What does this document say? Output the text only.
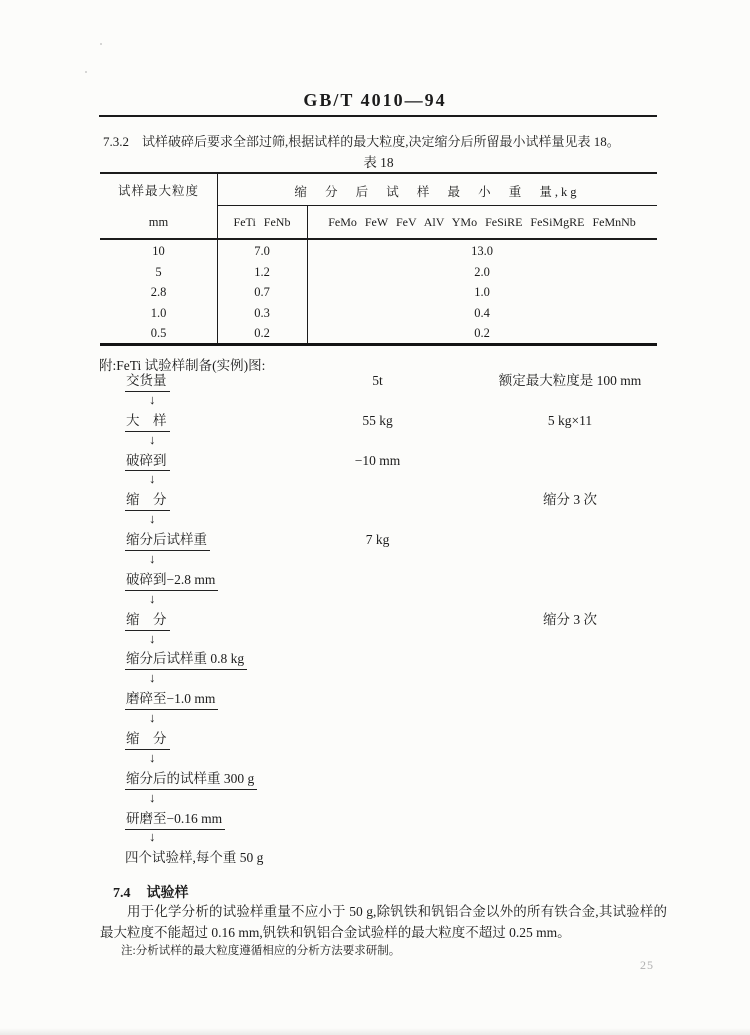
GB/T 4010—94
7.3.2 试样破碎后要求全部过筛,根据试样的最大粒度,决定缩分后所留最小试样量见表 18。
表 18
试样最大粒度
mm
缩 分 后 试 样 最 小 重 量,kg
FeTi FeNb	FeMo FeW FeV AlV YMo FeSiRE FeSiMgRE FeMnNb
10	7.0	13.0
5	1.2	2.0
2.8	0.7	1.0
1.0	0.3	0.4
0.5	0.2	0.2
附:FeTi 试验样制备(实例)图:
交货量	5t	额定最大粒度是 100 mm
↓
大　样	55 kg	5 kg×11
↓
破碎到	−10 mm
↓
缩　分	缩分 3 次
↓
缩分后试样重	7 kg
↓
破碎到−2.8 mm
↓
缩　分	缩分 3 次
↓
缩分后试样重 0.8 kg
↓
磨碎至−1.0 mm
↓
缩　分
↓
缩分后的试样重 300 g
↓
研磨至−0.16 mm
↓
四个试验样,每个重 50 g
7.4 试验样
用于化学分析的试验样重量不应小于 50 g,除钒铁和钒铝合金以外的所有铁合金,其试验样的最大粒度不能超过 0.16 mm,钒铁和钒铝合金试验样的最大粒度不超过 0.25 mm。
注:分析试样的最大粒度遵循相应的分析方法要求研制。
25
